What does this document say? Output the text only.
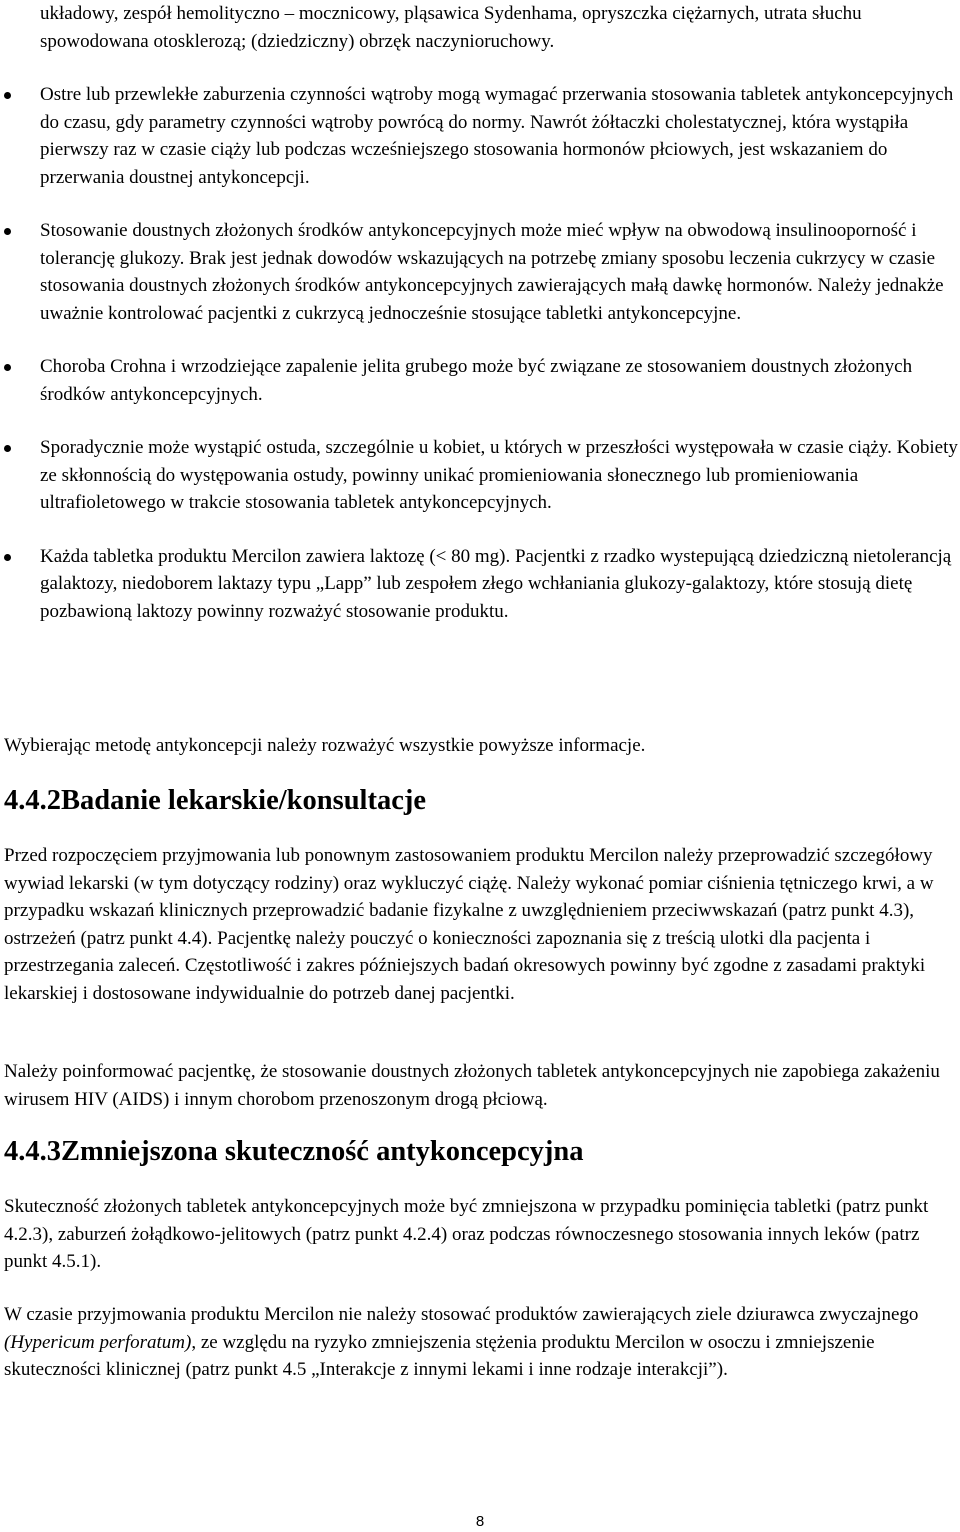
układowy, zespół hemolityczno – mocznicowy, pląsawica Sydenhama, opryszczka ciężarnych, utrata słuchu spowodowana otosklerozą; (dziedziczny) obrzęk naczynioruchowy.

Ostre lub przewlekłe zaburzenia czynności wątroby mogą wymagać przerwania stosowania tabletek antykoncepcyjnych do czasu, gdy parametry czynności wątroby powrócą do normy. Nawrót żółtaczki cholestatycznej, która wystąpiła pierwszy raz w czasie ciąży lub podczas wcześniejszego stosowania hormonów płciowych, jest wskazaniem do przerwania doustnej antykoncepcji.
Stosowanie doustnych złożonych środków antykoncepcyjnych może mieć wpływ na obwodową insulinooporność i tolerancję glukozy. Brak jest jednak dowodów wskazujących na potrzebę zmiany sposobu leczenia cukrzycy w czasie stosowania doustnych złożonych środków antykoncepcyjnych zawierających małą dawkę hormonów. Należy jednakże uważnie kontrolować pacjentki z cukrzycą jednocześnie stosujące tabletki antykoncepcyjne.
Choroba Crohna i wrzodziejące zapalenie jelita grubego może być związane ze stosowaniem doustnych złożonych środków antykoncepcyjnych.
Sporadycznie może wystąpić ostuda, szczególnie u kobiet, u których w przeszłości występowała w czasie ciąży. Kobiety ze skłonnością do występowania ostudy, powinny unikać promieniowania słonecznego lub promieniowania ultrafioletowego w trakcie stosowania tabletek antykoncepcyjnych.
Każda tabletka produktu Mercilon zawiera laktozę (< 80 mg). Pacjentki z rzadko wystepującą dziedziczną nietolerancją galaktozy, niedoborem laktazy typu „Lapp” lub zespołem złego wchłaniania glukozy-galaktozy, które stosują dietę pozbawioną laktozy powinny rozważyć stosowanie produktu.

Wybierając metodę antykoncepcji należy rozważyć wszystkie powyższe informacje.

4.4.2Badanie lekarskie/konsultacje

Przed rozpoczęciem przyjmowania lub ponownym zastosowaniem produktu Mercilon należy przeprowadzić szczegółowy wywiad lekarski (w tym dotyczący rodziny) oraz wykluczyć ciążę. Należy wykonać pomiar ciśnienia tętniczego krwi, a w przypadku wskazań klinicznych przeprowadzić badanie fizykalne z uwzględnieniem przeciwwskazań (patrz punkt 4.3), ostrzeżeń (patrz punkt 4.4). Pacjentkę należy pouczyć o konieczności zapoznania się z treścią ulotki dla pacjenta i przestrzegania zaleceń. Częstotliwość i zakres późniejszych badań okresowych powinny być zgodne z zasadami praktyki lekarskiej i dostosowane indywidualnie do potrzeb danej pacjentki.

Należy poinformować pacjentkę, że stosowanie doustnych złożonych tabletek antykoncepcyjnych nie zapobiega zakażeniu wirusem HIV (AIDS) i innym chorobom przenoszonym drogą płciową.

4.4.3Zmniejszona skuteczność antykoncepcyjna

Skuteczność złożonych tabletek antykoncepcyjnych może być zmniejszona w przypadku pominięcia tabletki (patrz punkt 4.2.3), zaburzeń żołądkowo-jelitowych (patrz punkt 4.2.4) oraz podczas równoczesnego stosowania innych leków (patrz punkt 4.5.1).

W czasie przyjmowania produktu Mercilon nie należy stosować produktów zawierających ziele dziurawca zwyczajnego (Hypericum perforatum), ze względu na ryzyko zmniejszenia stężenia produktu Mercilon w osoczu i zmniejszenie skuteczności klinicznej (patrz punkt 4.5 „Interakcje z innymi lekami i inne rodzaje interakcji”).

8
